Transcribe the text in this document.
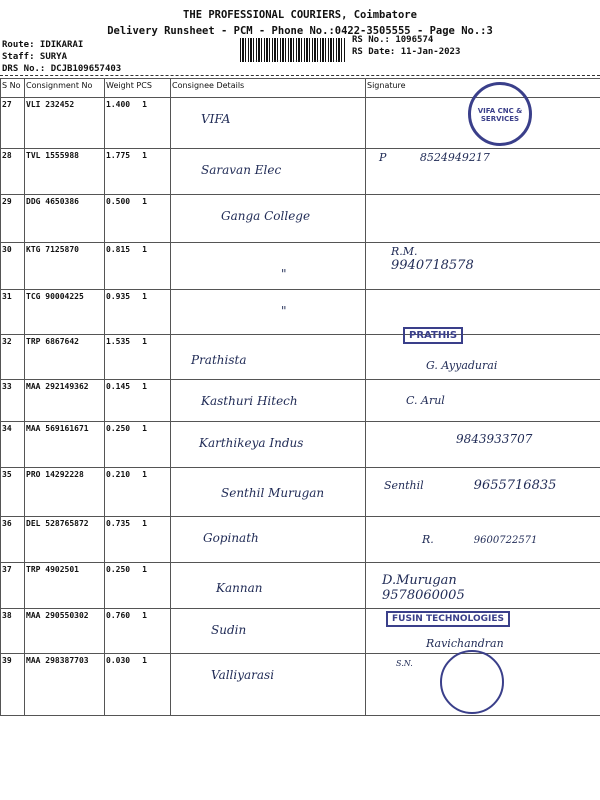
THE PROFESSIONAL COURIERS, Coimbatore
Delivery Runsheet - PCM - Phone No.:0422-3505555 - Page No.:3
Route: IDIKARAI
Staff: SURYA
DRS No.: DCJB109657403
RS No.: 1096574
RS Date: 11-Jan-2023
S No	Consignment No	Weight PCS	Consignee Details	Signature
27	VLI 232452	1.400 1	VIFA	
28	TVL 1555988	1.775 1	Saravan Elec	P 8524949217
29	DDG 4650386	0.500 1	Ganga College	
30	KTG 7125870	0.815 1	"	R.M.
9940718578

31	TCG 90004225	0.935 1	"	
32	TRP 6867642	1.535 1	Prathista	G. Ayyadurai
33	MAA 292149362	0.145 1	Kasthuri Hitech	C. Arul
34	MAA 569161671	0.250 1	Karthikeya Indus	9843933707
35	PRO 14292228	0.210 1	Senthil Murugan	Senthil 9655716835
36	DEL 528765872	0.735 1	Gopinath	R. 9600722571
37	TRP 4902501	0.250 1	Kannan	D.Murugan
9578060005

38	MAA 290550302	0.760 1	Sudin	Ravichandran
39	MAA 298387703	0.030 1	Valliyarasi	S.N.
VIFA CNC & SERVICES
PRATHIS
FUSIN TECHNOLOGIES
